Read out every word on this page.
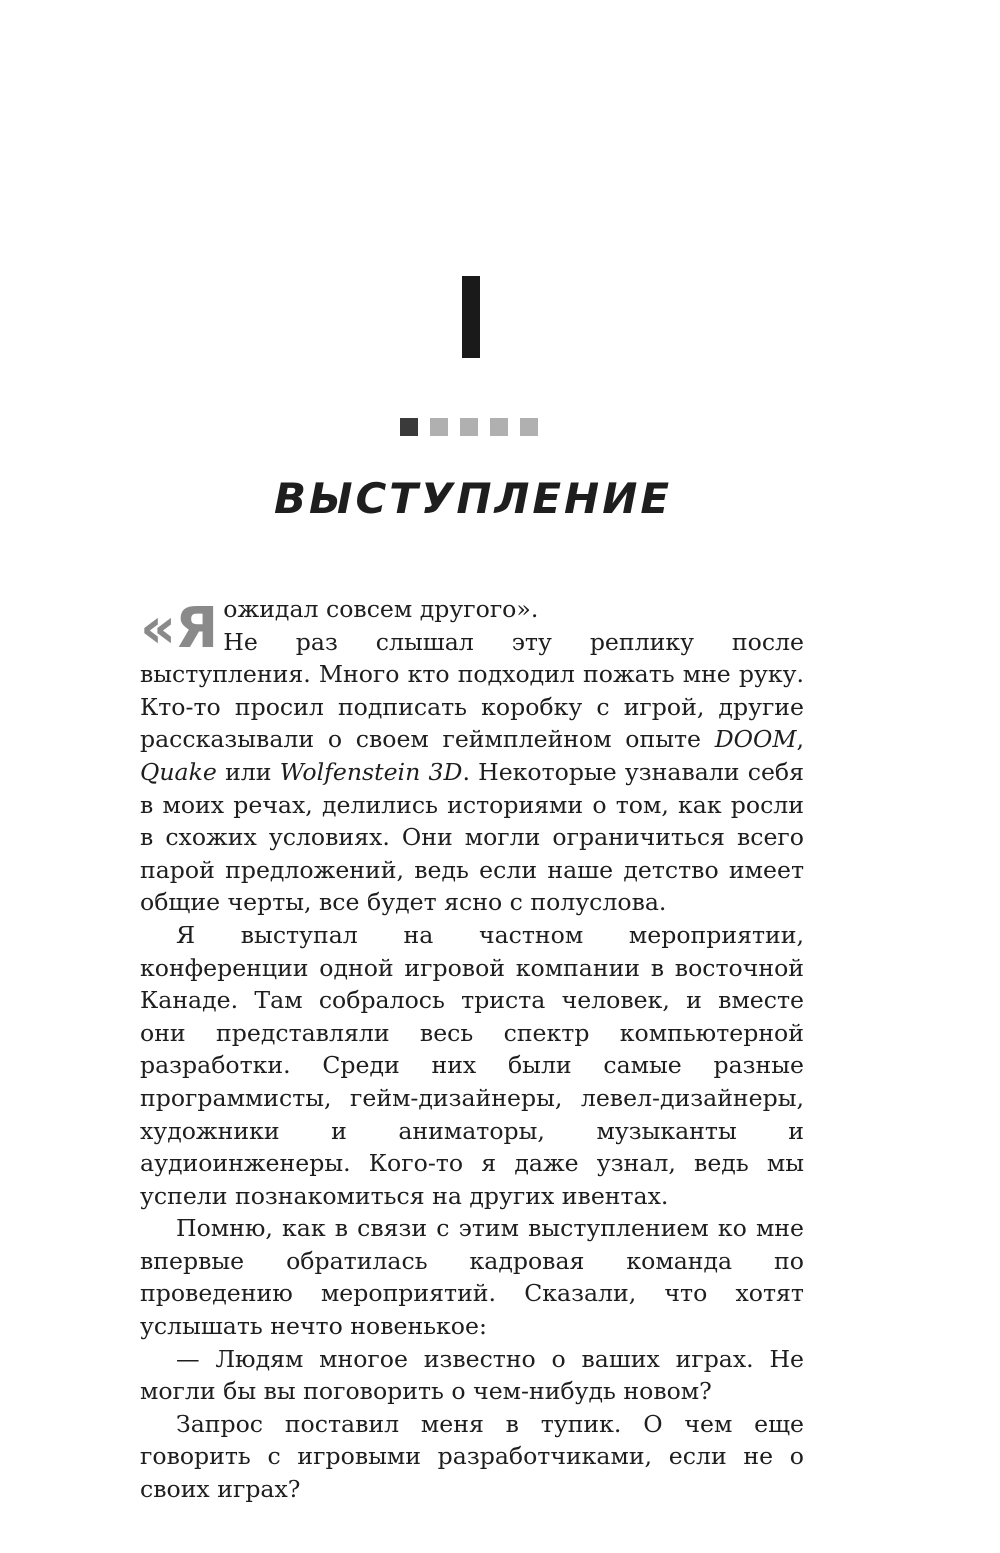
ВЫСТУПЛЕНИЕ

«Я ожидал совсем другого».
Не раз слышал эту реплику после выступления. Много кто подходил пожать мне руку. Кто-то просил подписать коробку с игрой, другие рассказывали о своем геймплейном опыте DOOM, Quake или Wolfenstein 3D. Некоторые узнавали себя в моих речах, делились историями о том, как росли в схожих условиях. Они могли ограничиться всего парой предложений, ведь если наше детство имеет общие черты, все будет ясно с полуслова.

Я выступал на частном мероприятии, конференции одной игровой компании в восточной Канаде. Там собралось триста человек, и вместе они представляли весь спектр компьютерной разработки. Среди них были самые разные программисты, гейм-дизайнеры, левел-дизайнеры, художники и аниматоры, музыканты и аудиоинженеры. Кого-то я даже узнал, ведь мы успели познакомиться на других ивентах.

Помню, как в связи с этим выступлением ко мне впервые обратилась кадровая команда по проведению мероприятий. Сказали, что хотят услышать нечто новенькое:

— Людям многое известно о ваших играх. Не могли бы вы поговорить о чем-нибудь новом?

Запрос поставил меня в тупик. О чем еще говорить с игровыми разработчиками, если не о своих играх?
